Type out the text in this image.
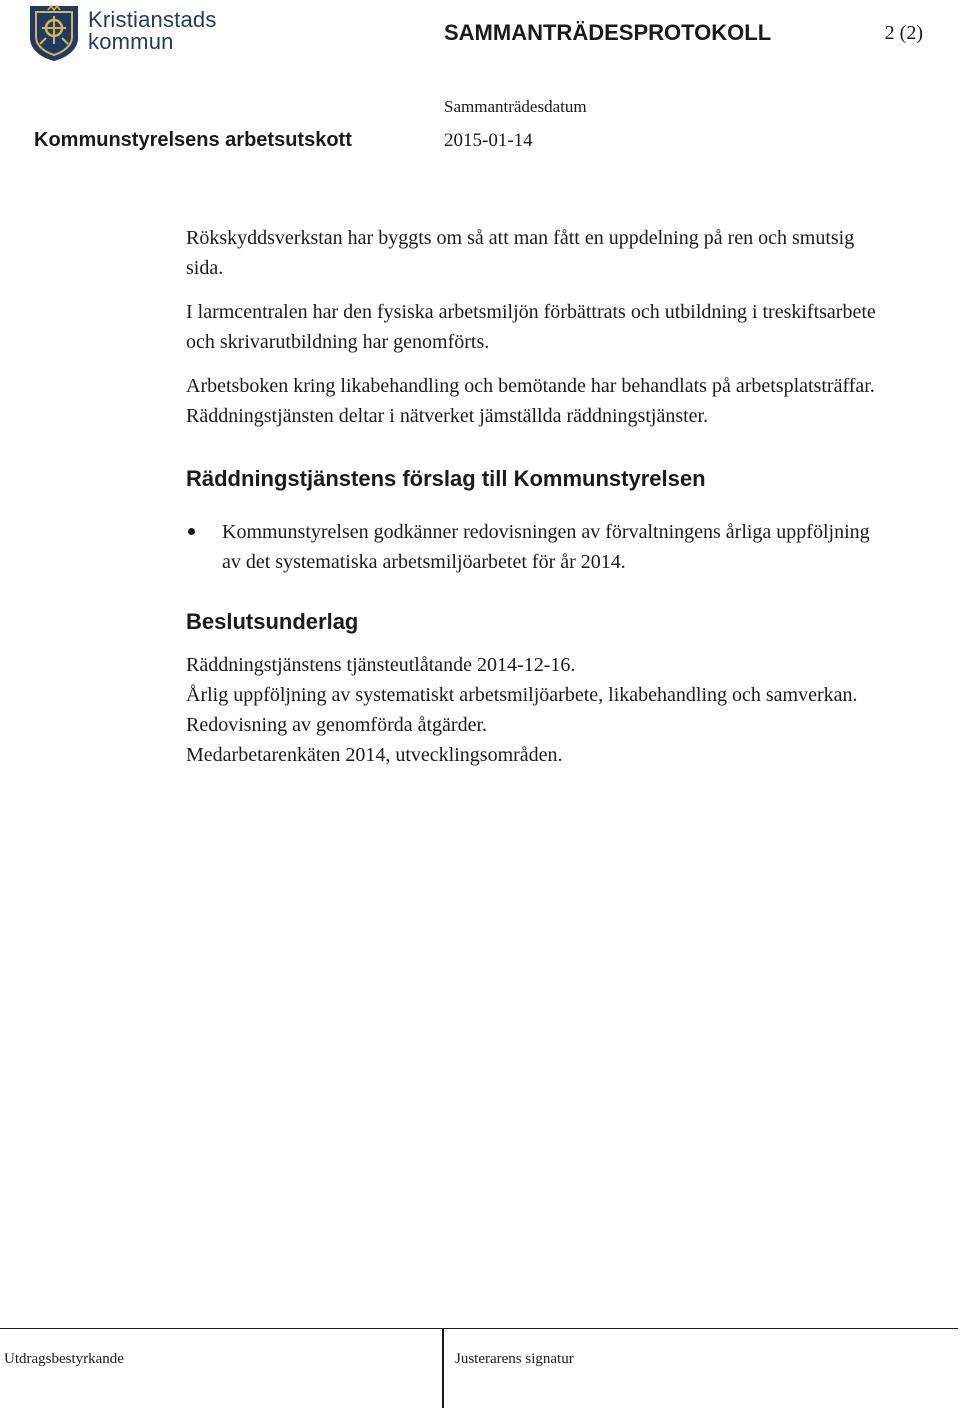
Kristianstads
kommun	SAMMANTRÄDESPROTOKOLL	2 (2)
Sammanträdesdatum
Kommunstyrelsens arbetsutskott	2015-01-14

Rökskyddsverkstan har byggts om så att man fått en uppdelning på ren och smutsig sida.

I larmcentralen har den fysiska arbetsmiljön förbättrats och utbildning i treskiftsarbete och skrivarutbildning har genomförts.

Arbetsboken kring likabehandling och bemötande har behandlats på arbetsplatsträffar. Räddningstjänsten deltar i nätverket jämställda räddningstjänster.

Räddningstjänstens förslag till Kommunstyrelsen
Kommunstyrelsen godkänner redovisningen av förvaltningens årliga uppföljning av det systematiska arbetsmiljöarbetet för år 2014.
Beslutsunderlag

Räddningstjänstens tjänsteutlåtande 2014-12-16.

Årlig uppföljning av systematiskt arbetsmiljöarbete, likabehandling och samverkan.

Redovisning av genomförda åtgärder.

Medarbetarenkäten 2014, utvecklingsområden.

Utdragsbestyrkande	Justerarens signatur
